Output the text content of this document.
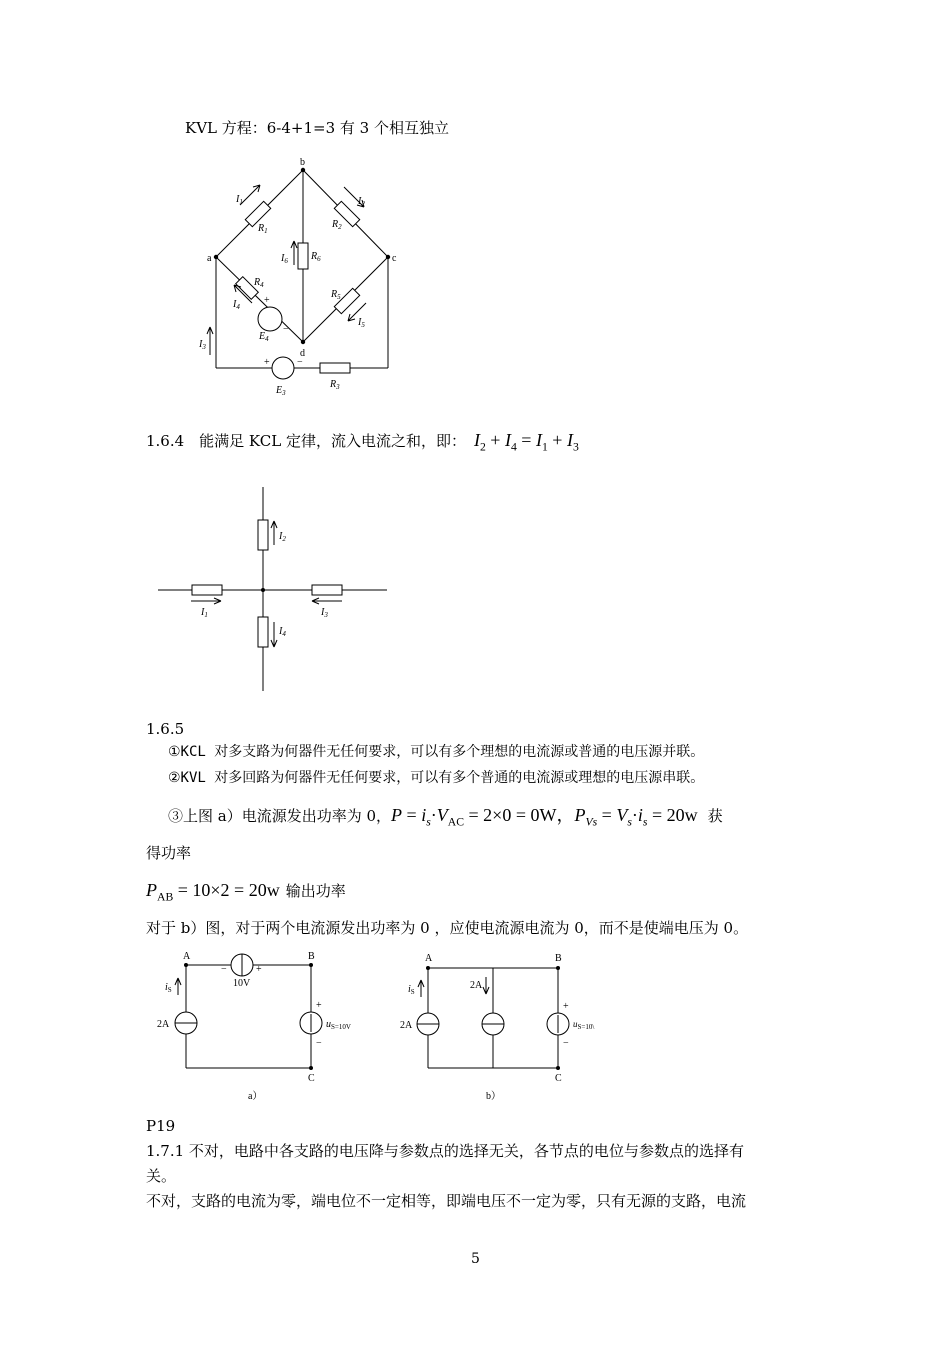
KVL 方程：6-4+1=3 有 3 个相互独立
b
a	c
d
$I_1$
$R_1$
$I_2$
$R_2$
$I_6$ $R_6$
$R_4$
$I_4$
+
−
$E_4$
$R_5$
$I_5$
$I_3$
+	−
$E_3$
$R_3$
1.6.4　能满足 KCL 定律，流入电流之和，即： $I_2 + I_4 = I_1 + I_3$
$I_2$
$I_1$	$I_3$
$I_4$
1.6.5
①KCL 对多支路为何器件无任何要求，可以有多个理想的电流源或普通的电压源并联。
②KVL 对多回路为何器件无任何要求，可以有多个普通的电流源或理想的电压源串联。
③上图 a）电流源发出功率为 0，$P = i_s\cdot V_{AC} = 2\times 0 = 0W$，$P_{Vs} = V_s\cdot i_s = 20w$ 获
得功率
$P_{AB} = 10\times 2 = 20w$ 输出功率
对于 b）图，对于两个电流源发出功率为 0 ，应使电流源电流为 0，而不是使端电压为 0。
A	B
C
$i_S$
2A
10V
−	+
+
−
$u_{S=10V}$
a）
A	B
C
$i_S$
2A
2A
+
−
$u_{S=10\backslash}$
b）
P19
1.7.1 不对，电路中各支路的电压降与参数点的选择无关，各节点的电位与参数点的选择有
关。
不对，支路的电流为零，端电位不一定相等，即端电压不一定为零，只有无源的支路，电流
5
